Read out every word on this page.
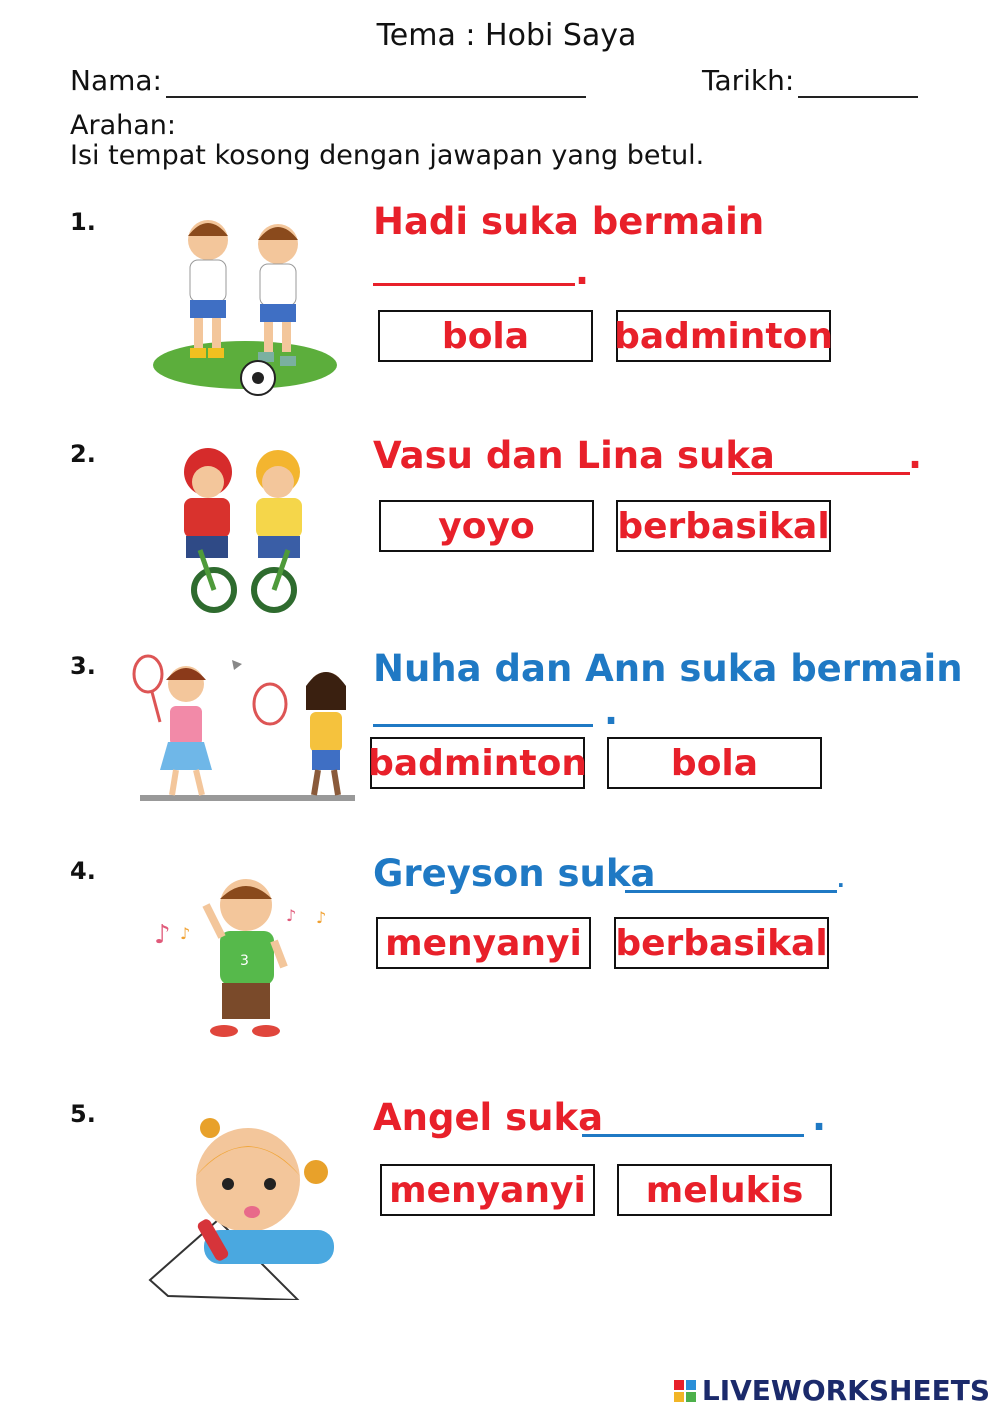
Tema : Hobi Saya
Nama:	Tarikh:
Arahan:
Isi tempat kosong dengan jawapan yang betul.
1.	Hadi suka bermain
.
bola	badminton
2.	Vasu dan Lina suka	.
yoyo	berbasikal
3.	Nuha dan Ann suka bermain
.
badminton	bola
4.
♪ ♪
♪ ♪
3
Greyson suka	.
menyanyi berbasikal
5.	Angel suka	.
menyanyi	melukis
LIVEWORKSHEETS
